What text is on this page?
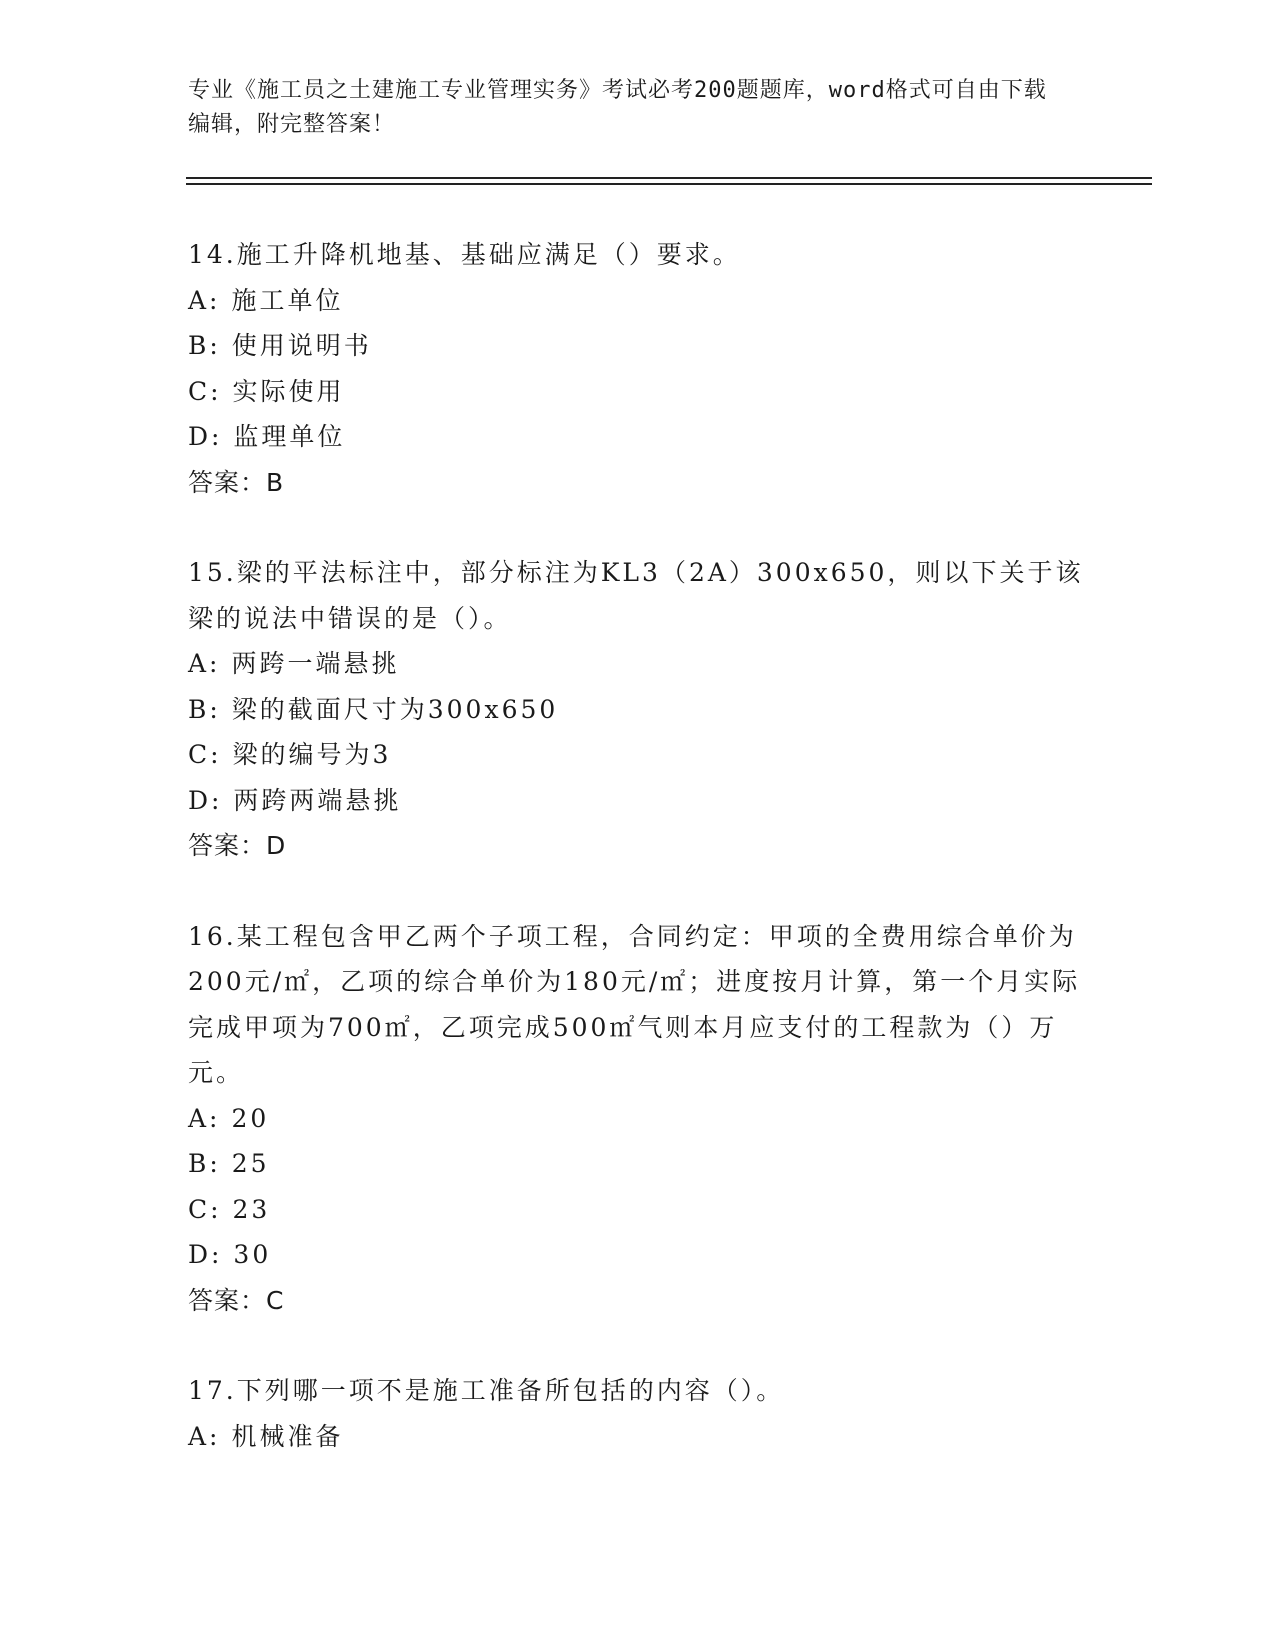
专业《施工员之土建施工专业管理实务》考试必考200题题库，word格式可自由下载编辑，附完整答案！

14.施工升降机地基、基础应满足（）要求。

A: 施工单位

B: 使用说明书

C: 实际使用

D: 监理单位

答案：B

15.梁的平法标注中，部分标注为KL3（2A）300x650，则以下关于该梁的说法中错误的是（）。

A: 两跨一端悬挑

B: 梁的截面尺寸为300x650

C: 梁的编号为3

D: 两跨两端悬挑

答案：D

16.某工程包含甲乙两个子项工程，合同约定：甲项的全费用综合单价为200元/㎡，乙项的综合单价为180元/㎡；进度按月计算，第一个月实际完成甲项为700㎡，乙项完成500㎡气则本月应支付的工程款为（）万元。

A: 20

B: 25

C: 23

D: 30

答案：C

17.下列哪一项不是施工准备所包括的内容（）。

A: 机械准备
